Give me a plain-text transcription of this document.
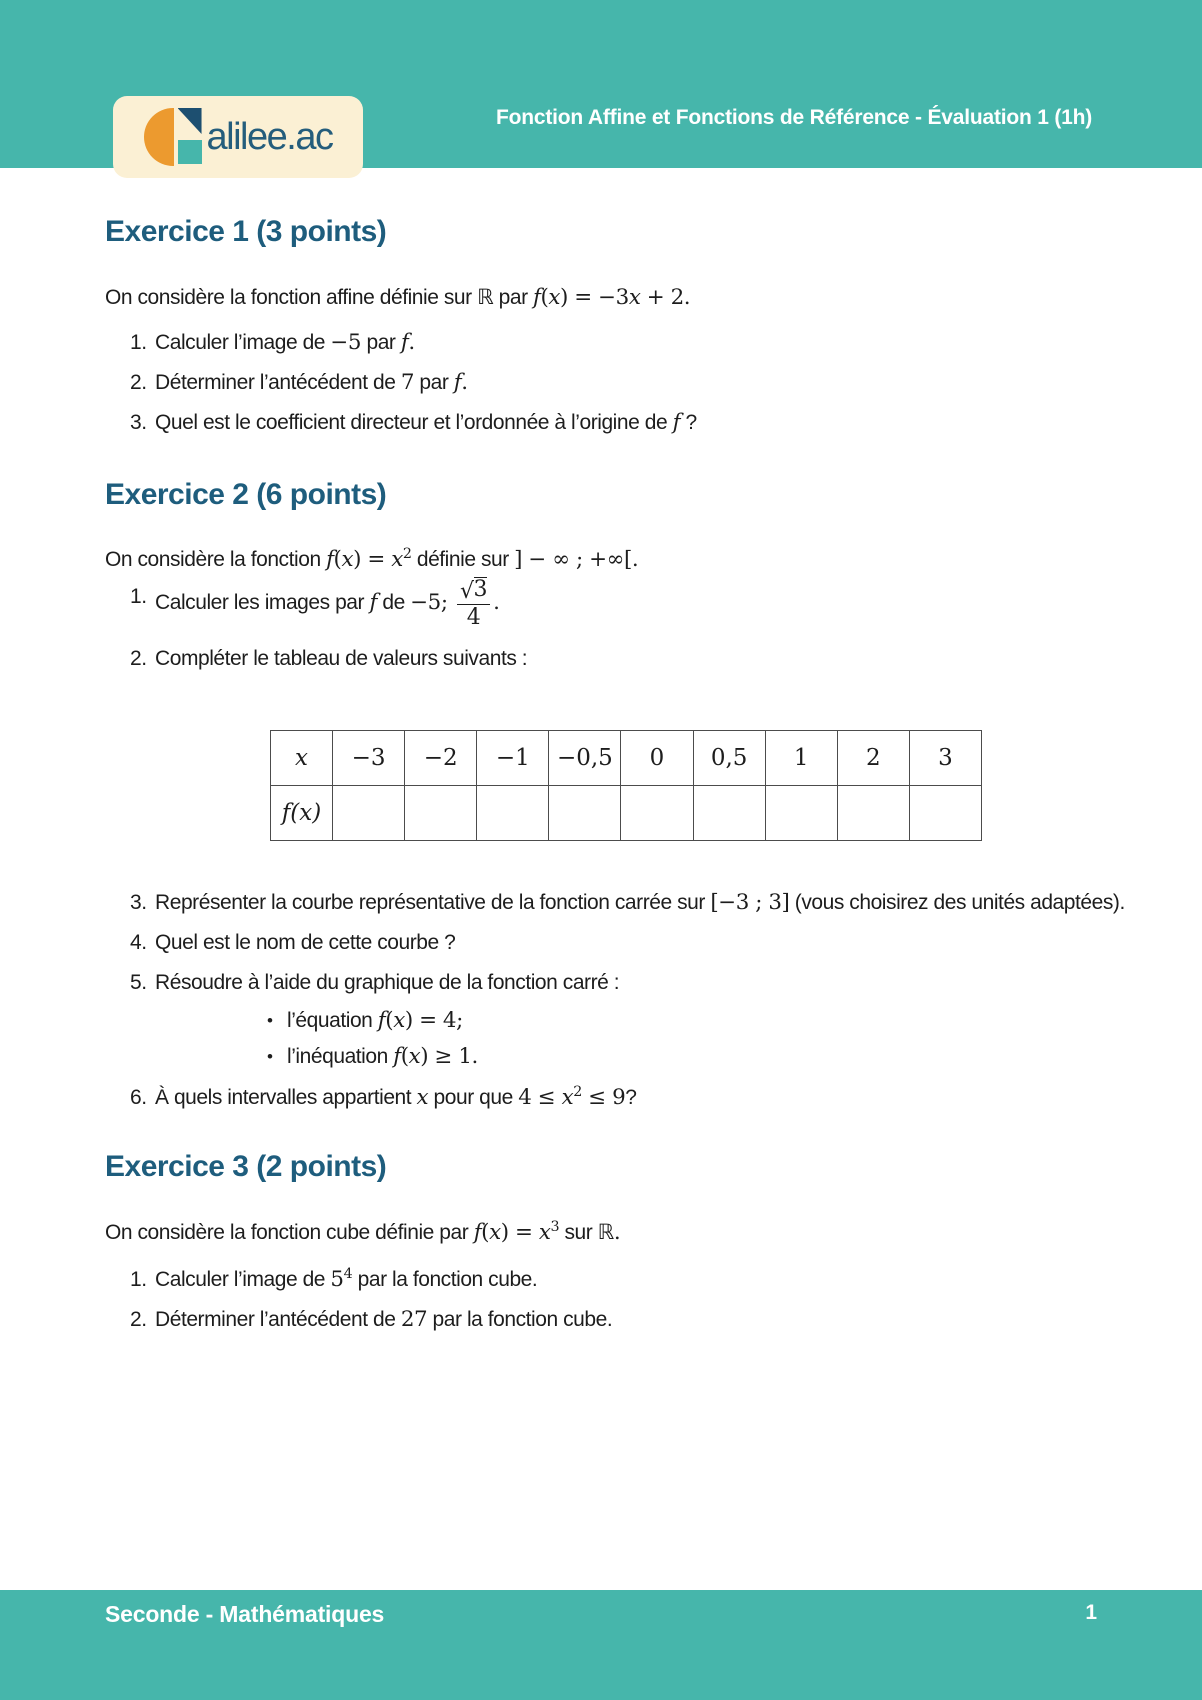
alilee.ac	Fonction Affine et Fonctions de Référence - Évaluation 1 (1h)
Exercice 1 (3 points)

On considère la fonction affine définie sur ℝ par f(x) = −3x + 2.

1. Calculer l’image de −5 par f.
2. Déterminer l’antécédent de 7 par f.
3. Quel est le coefficient directeur et l’ordonnée à l’origine de f ?
Exercice 2 (6 points)

On considère la fonction $f(x) = x^2$ définie sur ] − ∞ ; +∞[.

1. Calculer les images par f de −5; $\frac{√ 3}{4}$ .
2. Compléter le tableau de valeurs suivants :
x	−3	−2	−1	−0,5	0	0,5	1	2	3
f(x)									
3. Représenter la courbe représentative de la fonction carrée sur [−3 ; 3] (vous choisirez des unités adaptées).
4. Quel est le nom de cette courbe ?
5. Résoudre à l’aide du graphique de la fonction carré :
• l’équation f(x) = 4;
• l’inéquation f(x) ≥ 1.
6. À quels intervalles appartient x pour que $4 \le x^2 \le 9$?
Exercice 3 (2 points)

On considère la fonction cube définie par $f(x) = x^3$ sur ℝ.

1. Calculer l’image de $5^4$ par la fonction cube.
2. Déterminer l’antécédent de 27 par la fonction cube.
Seconde - Mathématiques	1
